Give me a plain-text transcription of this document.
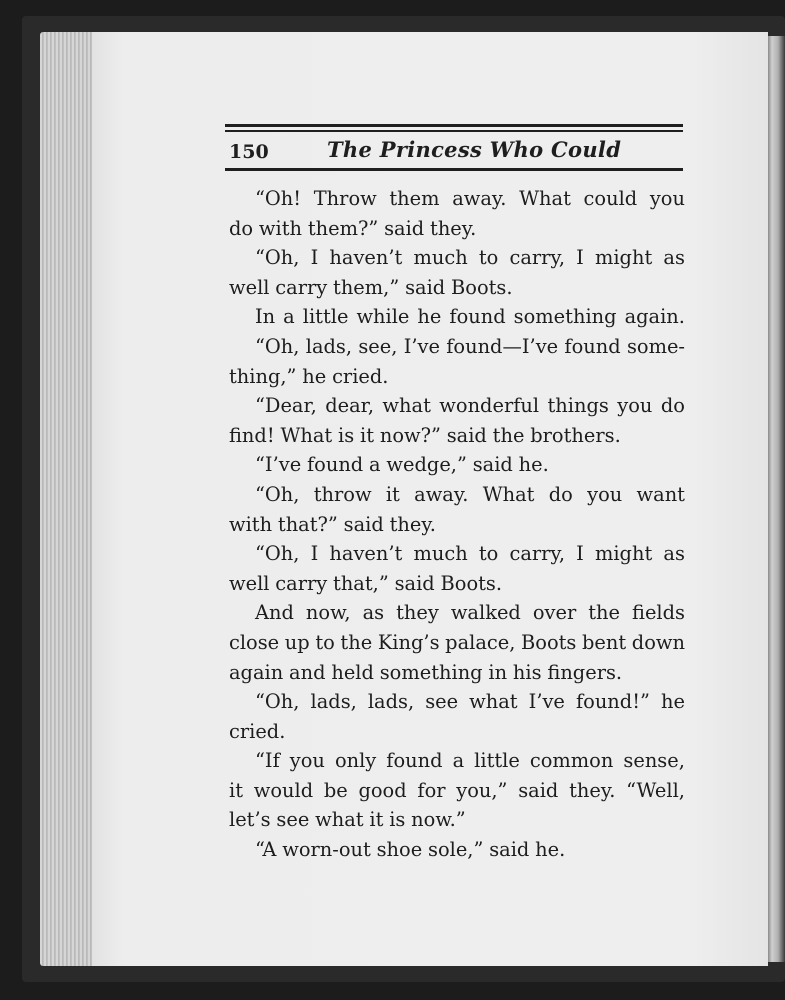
150	The Princess Who Could
“Oh! Throw them away. What could you
do with them?” said they.
“Oh, I haven’t much to carry, I might as
well carry them,” said Boots.
In a little while he found something again.
“Oh, lads, see, I’ve found—I’ve found some-
thing,” he cried.
“Dear, dear, what wonderful things you do
find! What is it now?” said the brothers.
“I’ve found a wedge,” said he.
“Oh, throw it away. What do you want
with that?” said they.
“Oh, I haven’t much to carry, I might as
well carry that,” said Boots.
And now, as they walked over the fields
close up to the King’s palace, Boots bent down
again and held something in his fingers.
“Oh, lads, lads, see what I’ve found!” he
cried.
“If you only found a little common sense,
it would be good for you,” said they. “Well,
let’s see what it is now.”
“A worn-out shoe sole,” said he.
